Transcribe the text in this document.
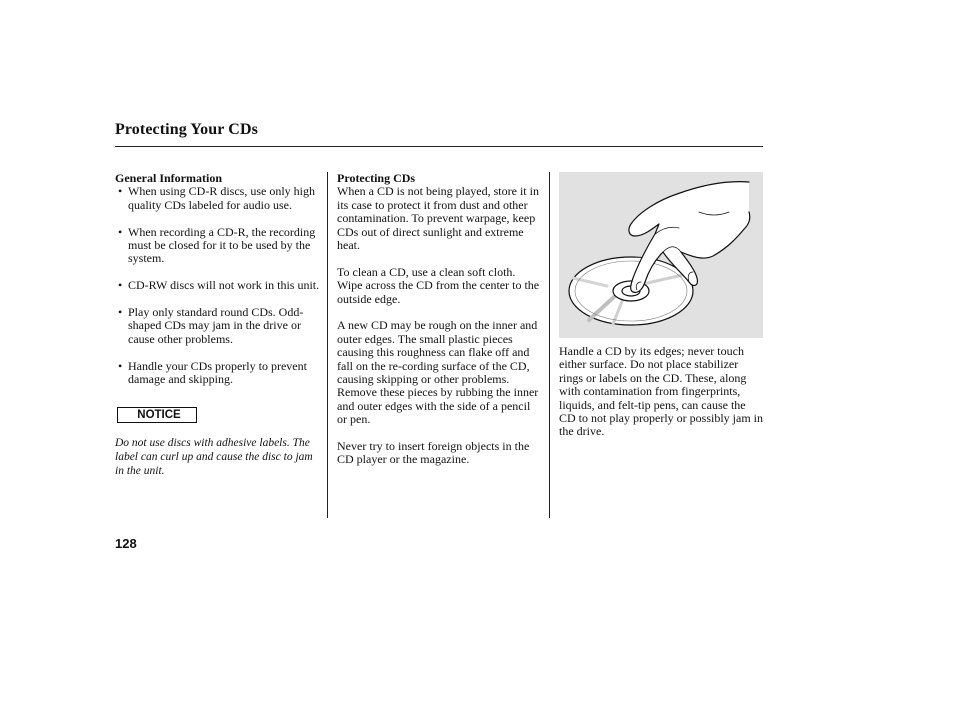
Protecting Your CDs
General Information
• When using CD-R discs, use only high quality CDs labeled for audio use.
• When recording a CD-R, the recording must be closed for it to be used by the system.
• CD-RW discs will not work in this unit.
• Play only standard round CDs. Odd-shaped CDs may jam in the drive or cause other problems.
• Handle your CDs properly to prevent damage and skipping.
NOTICE
Do not use discs with adhesive labels. The label can curl up and cause the disc to jam in the unit.
Protecting CDs
When a CD is not being played, store it in its case to protect it from dust and other contamination. To prevent warpage, keep CDs out of direct sunlight and extreme heat.
To clean a CD, use a clean soft cloth. Wipe across the CD from the center to the outside edge.
A new CD may be rough on the inner and outer edges. The small plastic pieces causing this roughness can flake off and fall on the re-cording surface of the CD, causing skipping or other problems. Remove these pieces by rubbing the inner and outer edges with the side of a pencil or pen.
Never try to insert foreign objects in the CD player or the magazine.
Handle a CD by its edges; never touch either surface. Do not place stabilizer rings or labels on the CD. These, along with contamination from fingerprints, liquids, and felt-tip pens, can cause the CD to not play properly or possibly jam in the drive.
128
